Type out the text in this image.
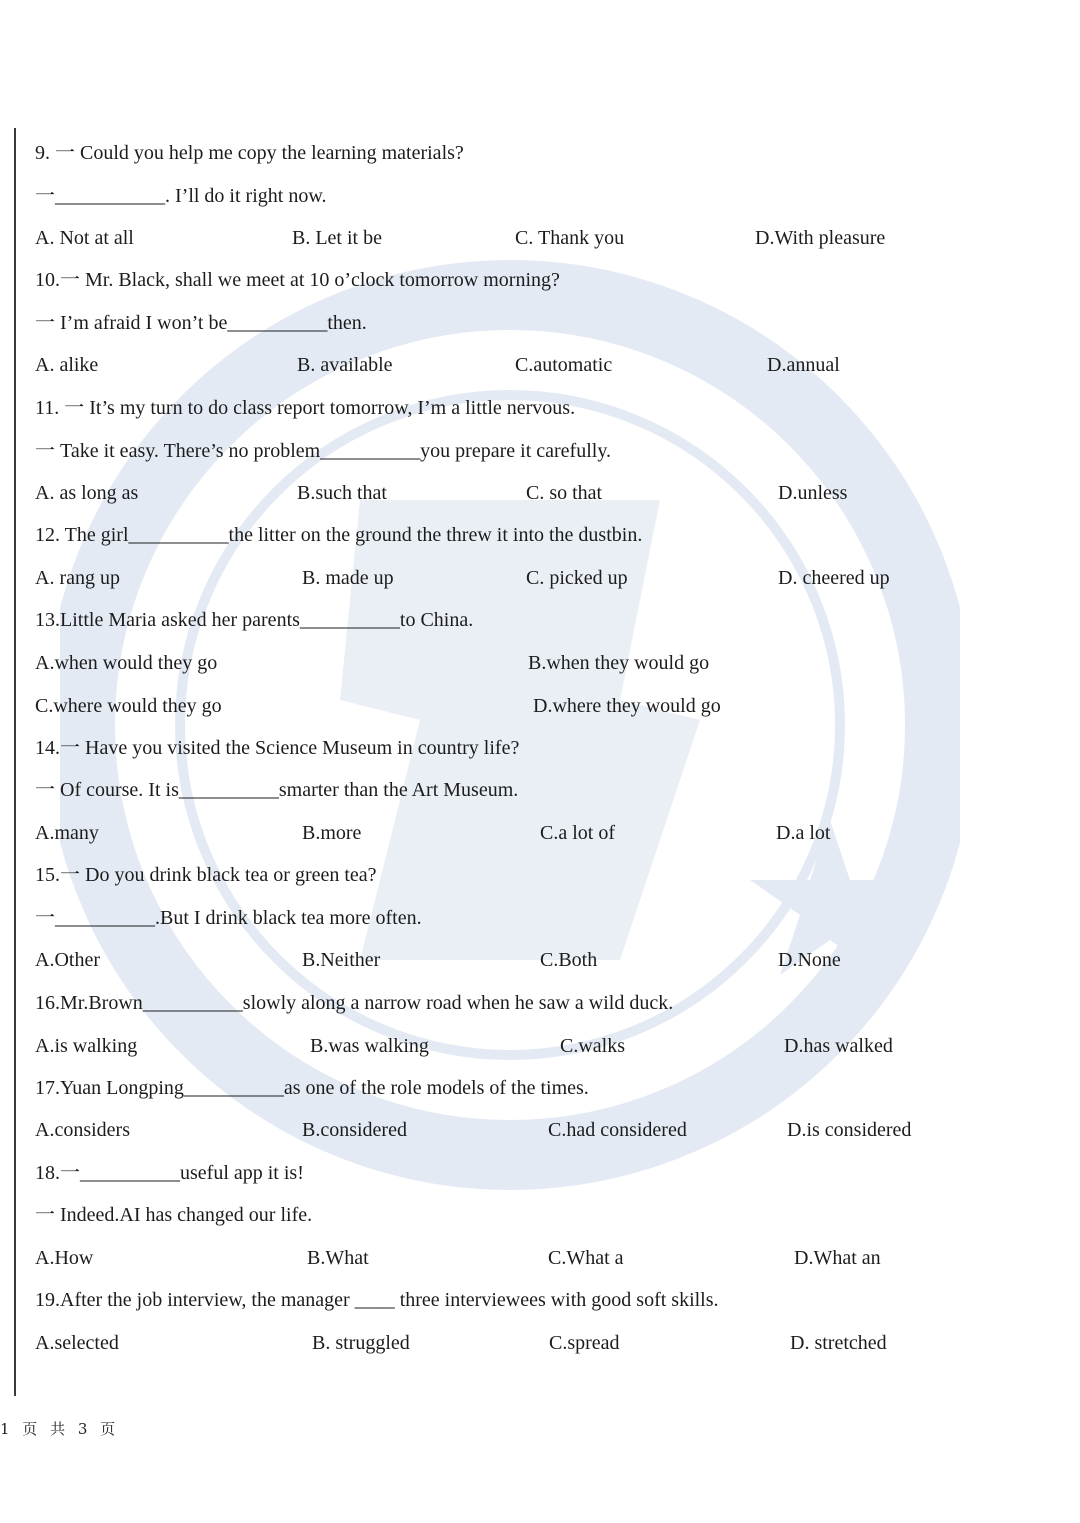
9. 一 Could you help me copy the learning materials?
一___________. I’ll do it right now.
A. Not at all	B. Let it be	C. Thank you	D.With pleasure
10.一 Mr. Black, shall we meet at 10 o’clock tomorrow morning?
一 I’m afraid I won’t be__________then.
A. alike	B. available	C.automatic	D.annual
11. 一 It’s my turn to do class report tomorrow, I’m a little nervous.
一 Take it easy. There’s no problem__________you prepare it carefully.
A. as long as	B.such that	C. so that	D.unless
12. The girl__________the litter on the ground the threw it into the dustbin.
A. rang up	B. made up	C. picked up	D. cheered up
13.Little Maria asked her parents__________to China.
A.when would they go	B.when they would go
C.where would they go	D.where they would go
14.一 Have you visited the Science Museum in country life?
一 Of course. It is__________smarter than the Art Museum.
A.many	B.more	C.a lot of	D.a lot
15.一 Do you drink black tea or green tea?
一__________.But I drink black tea more often.
A.Other	B.Neither	C.Both	D.None
16.Mr.Brown__________slowly along a narrow road when he saw a wild duck.
A.is walking	B.was walking	C.walks	D.has walked
17.Yuan Longping__________as one of the role models of the times.
A.considers	B.considered	C.had considered	D.is considered
18.一__________useful app it is!
一 Indeed.AI has changed our life.
A.How	B.What	C.What a	D.What an
19.After the job interview, the manager ____ three interviewees with good soft skills.
A.selected	B. struggled	C.spread	D. stretched
1 页 共 3 页
